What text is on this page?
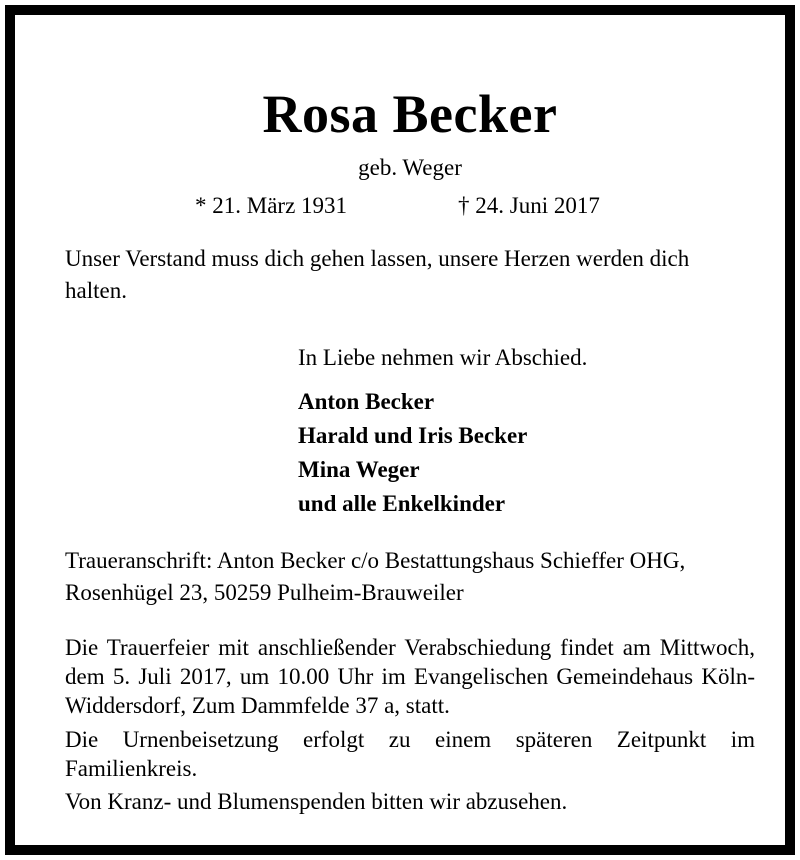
Rosa Becker
geb. Weger
* 21. März 1931	† 24. Juni 2017
Unser Verstand muss dich gehen lassen, unsere Herzen werden dich halten.
In Liebe nehmen wir Abschied.
Anton Becker
Harald und Iris Becker
Mina Weger
und alle Enkelkinder
Traueranschrift: Anton Becker c/o Bestattungshaus Schieffer OHG,
Rosenhügel 23, 50259 Pulheim-Brauweiler
Die Trauerfeier mit anschließender Verabschiedung findet am Mittwoch, dem 5. Juli 2017, um 10.00 Uhr im Evangelischen Gemeindehaus Köln-Widdersdorf, Zum Dammfelde 37 a, statt.
Die Urnenbeisetzung erfolgt zu einem späteren Zeitpunkt im Familienkreis.
Von Kranz- und Blumenspenden bitten wir abzusehen.
